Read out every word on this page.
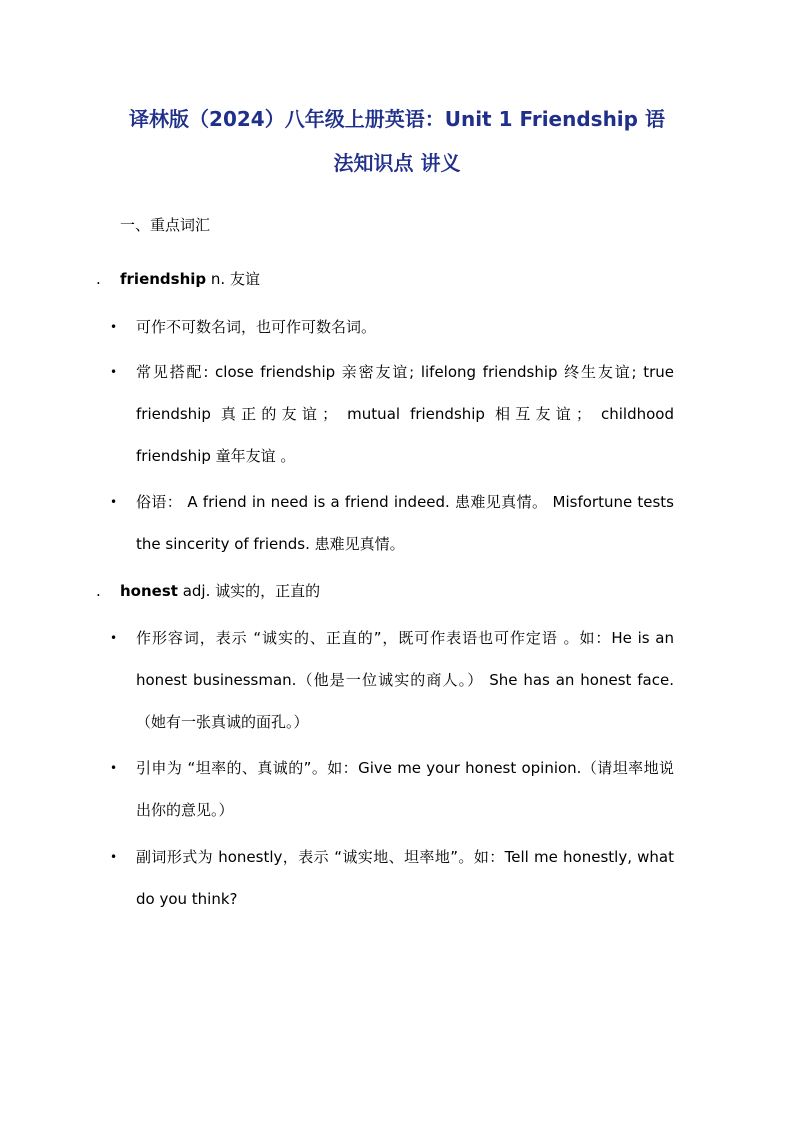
译林版（2024）八年级上册英语：Unit 1 Friendship 语
法知识点 讲义

一、重点词汇

. friendship n. 友谊

• 可作不可数名词，也可作可数名词。
• 常见搭配: close friendship 亲密友谊; lifelong friendship 终生友谊; true friendship 真正的友谊； mutual friendship 相互友谊； childhood friendship 童年友谊 。
• 俗语： A friend in need is a friend indeed. 患难见真情。 Misfortune tests the sincerity of friends. 患难见真情。

. honest adj. 诚实的，正直的

• 作形容词，表示 “诚实的、正直的”，既可作表语也可作定语 。如：He is an honest businessman.（他是一位诚实的商人。） She has an honest face.（她有一张真诚的面孔。）
• 引申为 “坦率的、真诚的”。如：Give me your honest opinion.（请坦率地说出你的意见。）
• 副词形式为 honestly，表示 “诚实地、坦率地”。如：Tell me honestly, what do you think?
